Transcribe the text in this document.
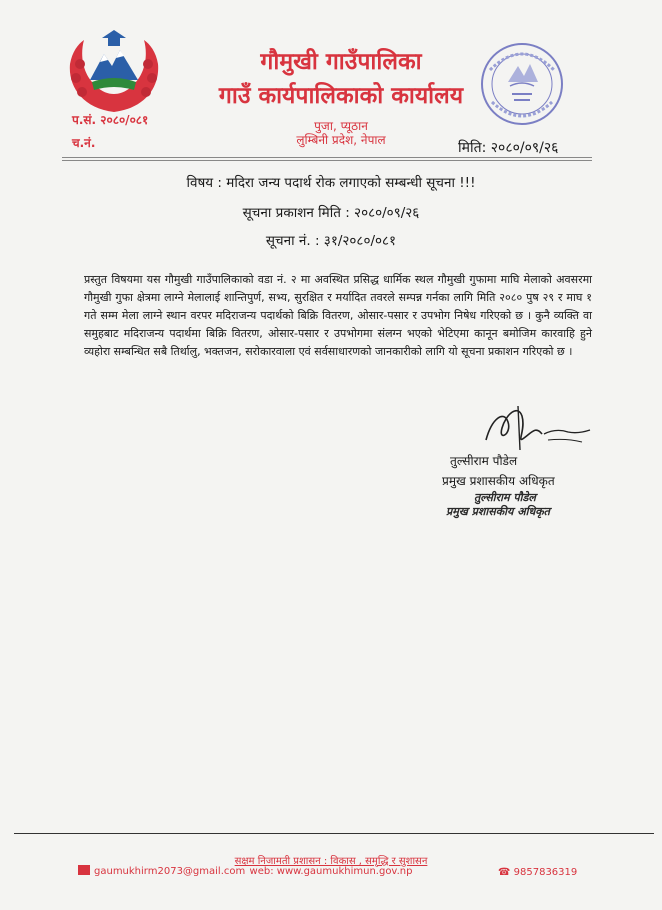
गौमुखी गाउँपालिका
गाउँ कार्यपालिकाको कार्यालय
पुजा, प्यूठान
लुम्बिनी प्रदेश, नेपाल
प.सं. २०८०/०८१
च.नं.	मिति: २०८०/०९/२६
विषय : मदिरा जन्य पदार्थ रोक लगाएको सम्बन्धी सूचना !!!
सूचना प्रकाशन मिति : २०८०/०९/२६
सूचना नं. : ३१/२०८०/०८१
प्रस्तुत विषयमा यस गौमुखी गाउँपालिकाको वडा नं. २ मा अवस्थित प्रसिद्ध धार्मिक स्थल गौमुखी गुफामा माघि मेलाको अवसरमा गौमुखी गुफा क्षेत्रमा लाग्ने मेलालाई शान्तिपुर्ण, सभ्य, सुरक्षित र मर्यादित तवरले सम्पन्न गर्नका लागि मिति २०८० पुष २९ र माघ १ गते सम्म मेला लाग्ने स्थान वरपर मदिराजन्य पदार्थको बिक्रि वितरण, ओसार-पसार र उपभोग निषेध गरिएको छ । कुनै व्यक्ति वा समुहबाट मदिराजन्य पदार्थमा बिक्रि वितरण, ओसार-पसार र उपभोगमा संलग्न भएको भेटिएमा कानून बमोजिम कारवाहि हुने व्यहोरा सम्बन्धित सबै तिर्थालु, भक्तजन, सरोकारवाला एवं सर्वसाधारणको जानकारीको लागि यो सूचना प्रकाशन गरिएको छ ।
तुल्सीराम पौडेल
प्रमुख प्रशासकीय अधिकृत
तुल्सीराम पौडेल
प्रमुख प्रशासकीय अधिकृत
सक्षम निजामती प्रशासन : विकास , समृद्धि र सुशासन
gaumukhirm2073@gmail.com web: www.gaumukhimun.gov.np	☎ 9857836319
